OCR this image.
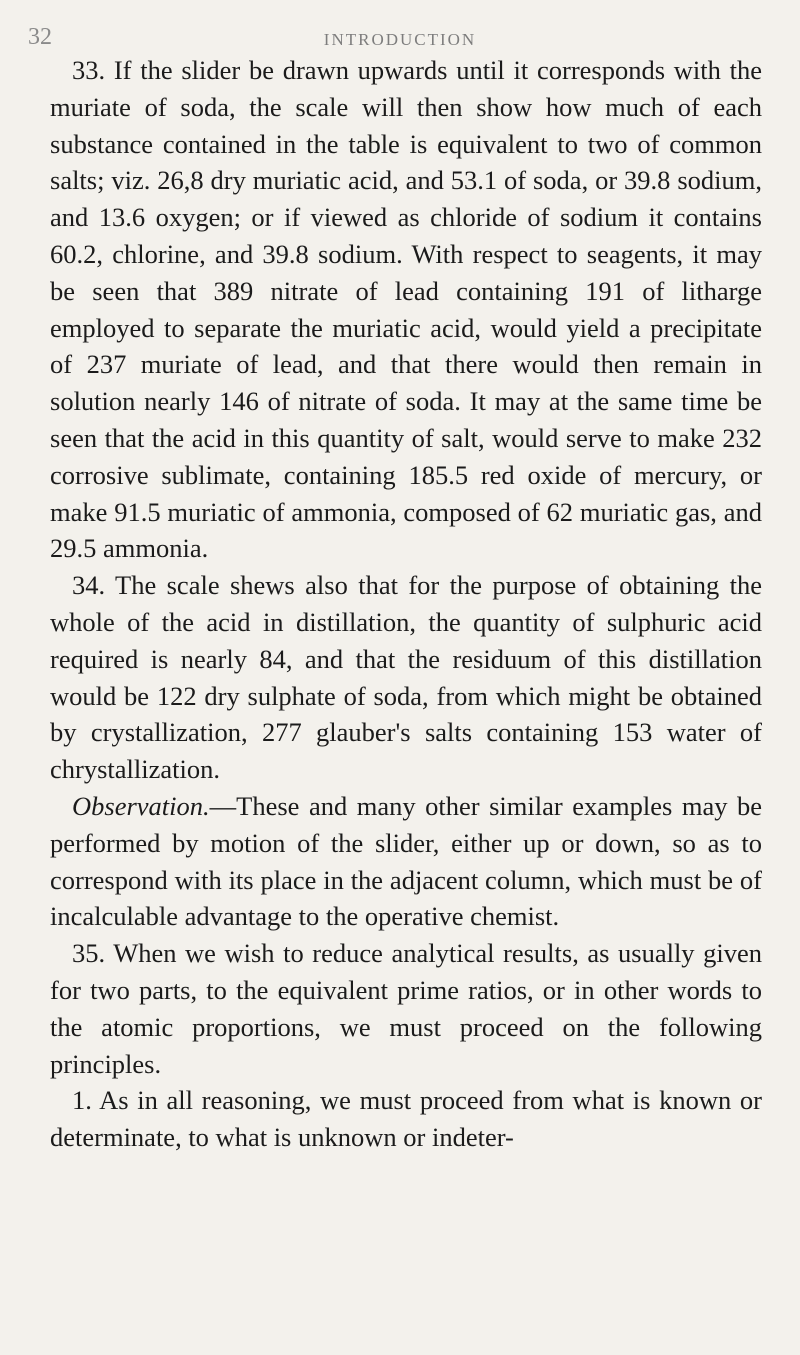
32	INTRODUCTION

33. If the slider be drawn upwards until it corresponds with the muriate of soda, the scale will then show how much of each substance contained in the table is equivalent to two of common salts; viz. 26,8 dry muriatic acid, and 53.1 of soda, or 39.8 sodium, and 13.6 oxygen; or if viewed as chloride of sodium it contains 60.2, chlorine, and 39.8 sodium. With respect to seagents, it may be seen that 389 nitrate of lead containing 191 of litharge employed to separate the muriatic acid, would yield a precipitate of 237 muriate of lead, and that there would then remain in solution nearly 146 of nitrate of soda. It may at the same time be seen that the acid in this quantity of salt, would serve to make 232 corrosive sublimate, containing 185.5 red oxide of mercury, or make 91.5 muriatic of ammonia, composed of 62 muriatic gas, and 29.5 ammonia.

34. The scale shews also that for the purpose of obtaining the whole of the acid in distillation, the quantity of sulphuric acid required is nearly 84, and that the residuum of this distillation would be 122 dry sulphate of soda, from which might be obtained by crystallization, 277 glauber's salts containing 153 water of chrystallization.

Observation.—These and many other similar examples may be performed by motion of the slider, either up or down, so as to correspond with its place in the adjacent column, which must be of incalculable advantage to the operative chemist.

35. When we wish to reduce analytical results, as usually given for two parts, to the equivalent prime ratios, or in other words to the atomic proportions, we must proceed on the following principles.

1. As in all reasoning, we must proceed from what is known or determinate, to what is unknown or indeter-
